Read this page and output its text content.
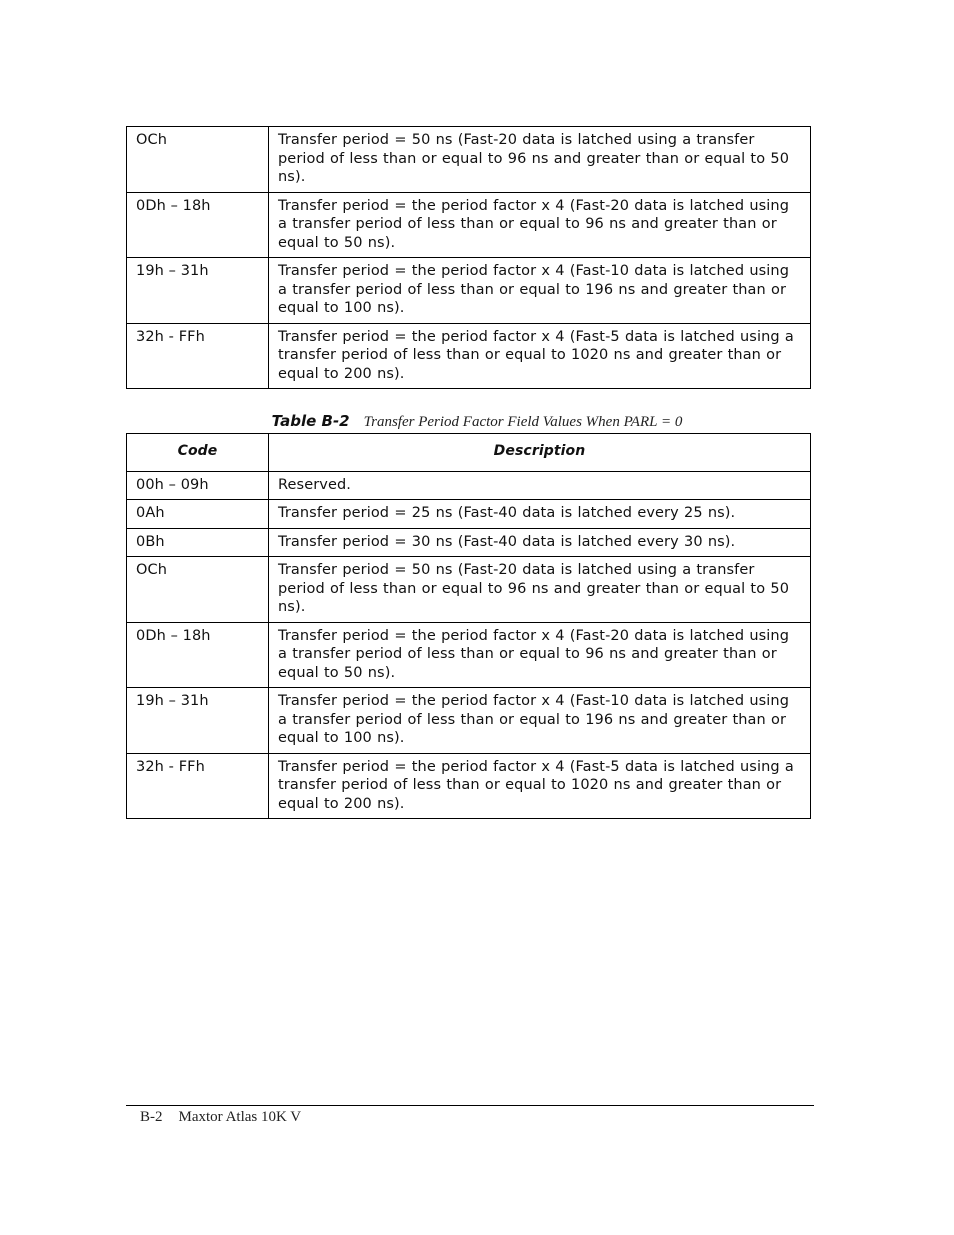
OCh	Transfer period = 50 ns (Fast-20 data is latched using a transfer period of less than or equal to 96 ns and greater than or equal to 50 ns).
0Dh – 18h	Transfer period = the period factor x 4 (Fast-20 data is latched using a transfer period of less than or equal to 96 ns and greater than or equal to 50 ns).
19h – 31h	Transfer period = the period factor x 4 (Fast-10 data is latched using a transfer period of less than or equal to 196 ns and greater than or equal to 100 ns).
32h - FFh	Transfer period = the period factor x 4 (Fast-5 data is latched using a transfer period of less than or equal to 1020 ns and greater than or equal to 200 ns).
Table B-2 Transfer Period Factor Field Values When PARL = 0
Code	Description
00h – 09h	Reserved.
0Ah	Transfer period = 25 ns (Fast-40 data is latched every 25 ns).
0Bh	Transfer period = 30 ns (Fast-40 data is latched every 30 ns).
OCh	Transfer period = 50 ns (Fast-20 data is latched using a transfer period of less than or equal to 96 ns and greater than or equal to 50 ns).
0Dh – 18h	Transfer period = the period factor x 4 (Fast-20 data is latched using a transfer period of less than or equal to 96 ns and greater than or equal to 50 ns).
19h – 31h	Transfer period = the period factor x 4 (Fast-10 data is latched using a transfer period of less than or equal to 196 ns and greater than or equal to 100 ns).
32h - FFh	Transfer period = the period factor x 4 (Fast-5 data is latched using a transfer period of less than or equal to 1020 ns and greater than or equal to 200 ns).
B-2 Maxtor Atlas 10K V
